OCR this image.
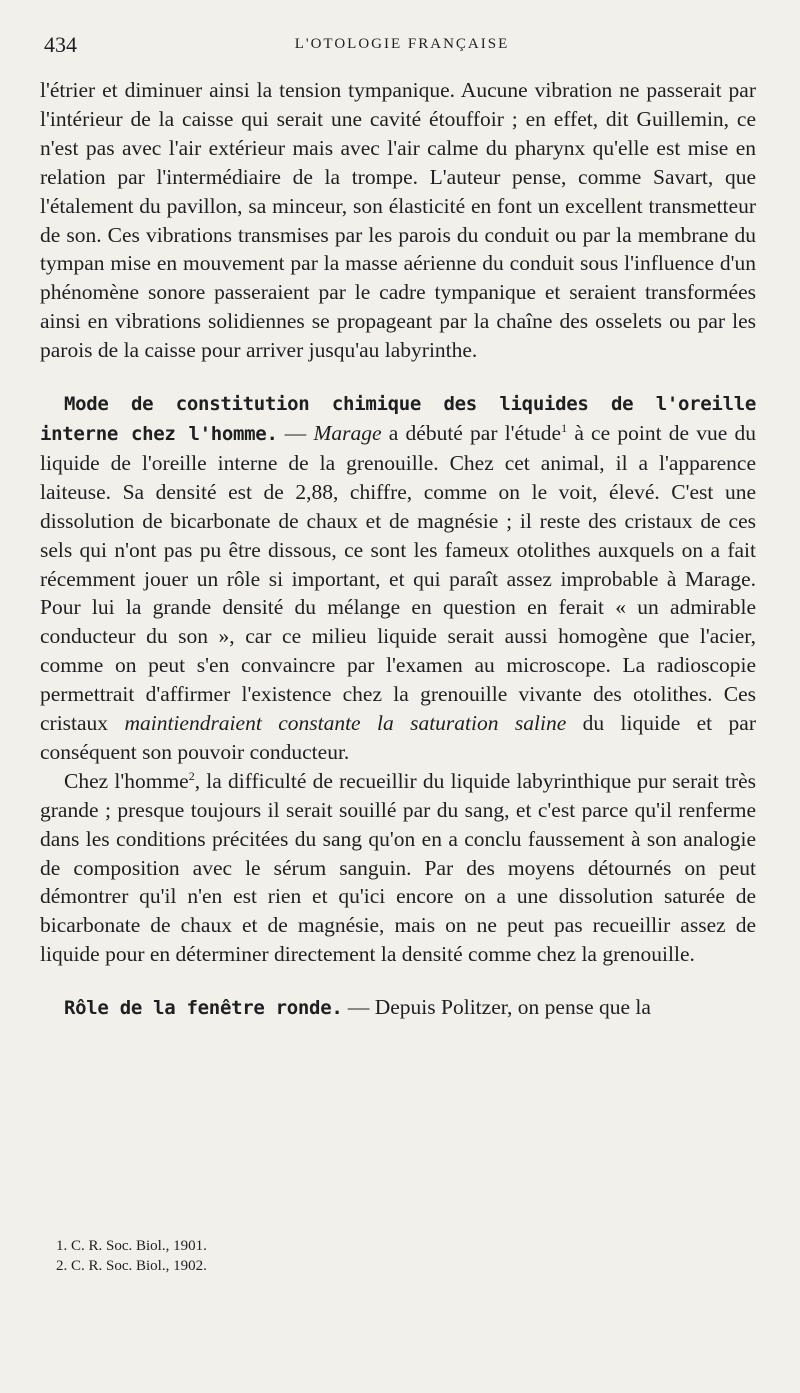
434	L'OTOLOGIE FRANÇAISE

l'étrier et diminuer ainsi la tension tympanique. Aucune vibration ne passerait par l'intérieur de la caisse qui serait une cavité étouffoir ; en effet, dit Guillemin, ce n'est pas avec l'air extérieur mais avec l'air calme du pharynx qu'elle est mise en relation par l'intermédiaire de la trompe. L'auteur pense, comme Savart, que l'étalement du pavillon, sa minceur, son élasticité en font un excellent transmetteur de son. Ces vibrations transmises par les parois du conduit ou par la membrane du tympan mise en mouvement par la masse aérienne du conduit sous l'influence d'un phénomène sonore passeraient par le cadre tympanique et seraient transformées ainsi en vibrations solidiennes se propageant par la chaîne des osselets ou par les parois de la caisse pour arriver jusqu'au labyrinthe.

Mode de constitution chimique des liquides de l'oreille interne chez l'homme. — Marage a débuté par l'étude$^1$ à ce point de vue du liquide de l'oreille interne de la grenouille. Chez cet animal, il a l'apparence laiteuse. Sa densité est de 2,88, chiffre, comme on le voit, élevé. C'est une dissolution de bicarbonate de chaux et de magnésie ; il reste des cristaux de ces sels qui n'ont pas pu être dissous, ce sont les fameux otolithes auxquels on a fait récemment jouer un rôle si important, et qui paraît assez improbable à Marage. Pour lui la grande densité du mélange en question en ferait « un admirable conducteur du son », car ce milieu liquide serait aussi homogène que l'acier, comme on peut s'en convaincre par l'examen au microscope. La radioscopie permettrait d'affirmer l'existence chez la grenouille vivante des otolithes. Ces cristaux maintiendraient constante la saturation saline du liquide et par conséquent son pouvoir conducteur.

Chez l'homme$^2$, la difficulté de recueillir du liquide labyrinthique pur serait très grande ; presque toujours il serait souillé par du sang, et c'est parce qu'il renferme dans les conditions précitées du sang qu'on en a conclu faussement à son analogie de composition avec le sérum sanguin. Par des moyens détournés on peut démontrer qu'il n'en est rien et qu'ici encore on a une dissolution saturée de bicarbonate de chaux et de magnésie, mais on ne peut pas recueillir assez de liquide pour en déterminer directement la densité comme chez la grenouille.

Rôle de la fenêtre ronde. — Depuis Politzer, on pense que la

1. C. R. Soc. Biol., 1901.

2. C. R. Soc. Biol., 1902.
